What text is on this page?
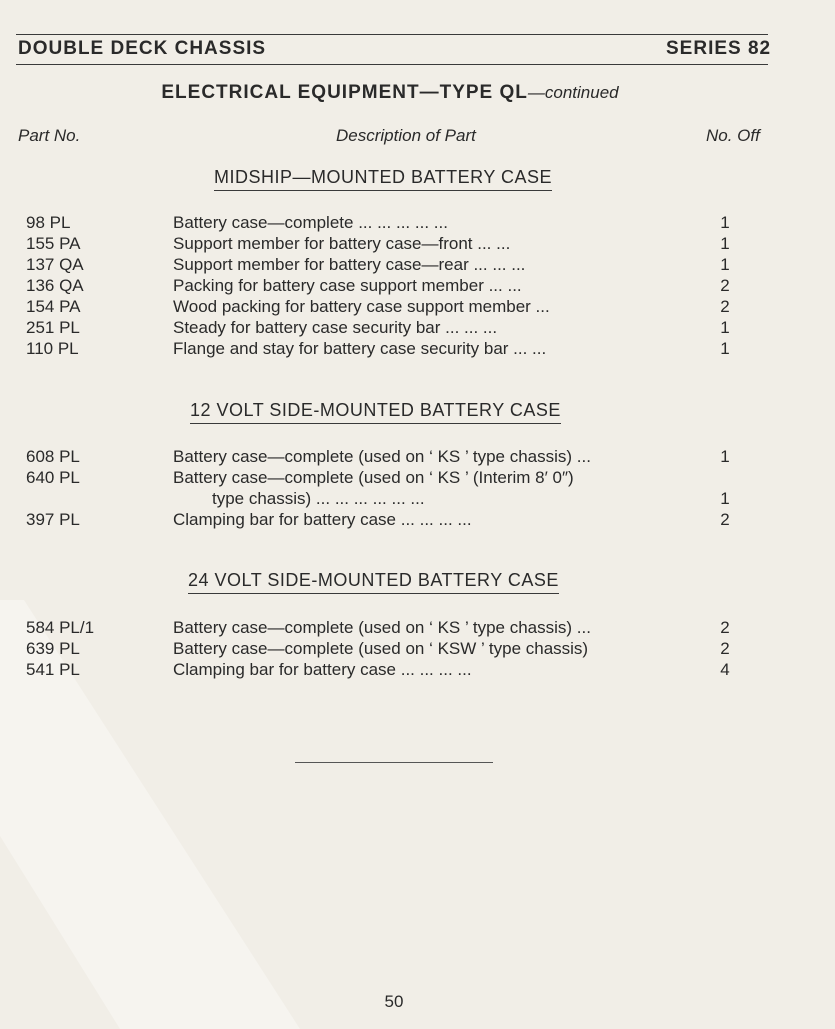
DOUBLE DECK CHASSIS	SERIES 82
ELECTRICAL EQUIPMENT—TYPE QL—continued
Part No.	Description of Part	No. Off
MIDSHIP—MOUNTED BATTERY CASE
98 PL	Battery case—complete ... ... ... ... ...	1
155 PA	Support member for battery case—front ... ...	1
137 QA	Support member for battery case—rear ... ... ...	1
136 QA	Packing for battery case support member ... ...	2
154 PA	Wood packing for battery case support member ...	2
251 PL	Steady for battery case security bar ... ... ...	1
110 PL	Flange and stay for battery case security bar ... ...	1
12 VOLT SIDE-MOUNTED BATTERY CASE
608 PL	Battery case—complete (used on ‘ KS ’ type chassis) ...	1
640 PL	Battery case—complete (used on ‘ KS ’ (Interim 8′ 0″)
type chassis) ... ... ... ... ... ...	1
397 PL	Clamping bar for battery case ... ... ... ...	2
24 VOLT SIDE-MOUNTED BATTERY CASE
584 PL/1	Battery case—complete (used on ‘ KS ’ type chassis) ...	2
639 PL	Battery case—complete (used on ‘ KSW ’ type chassis)	2
541 PL	Clamping bar for battery case ... ... ... ...	4
50
